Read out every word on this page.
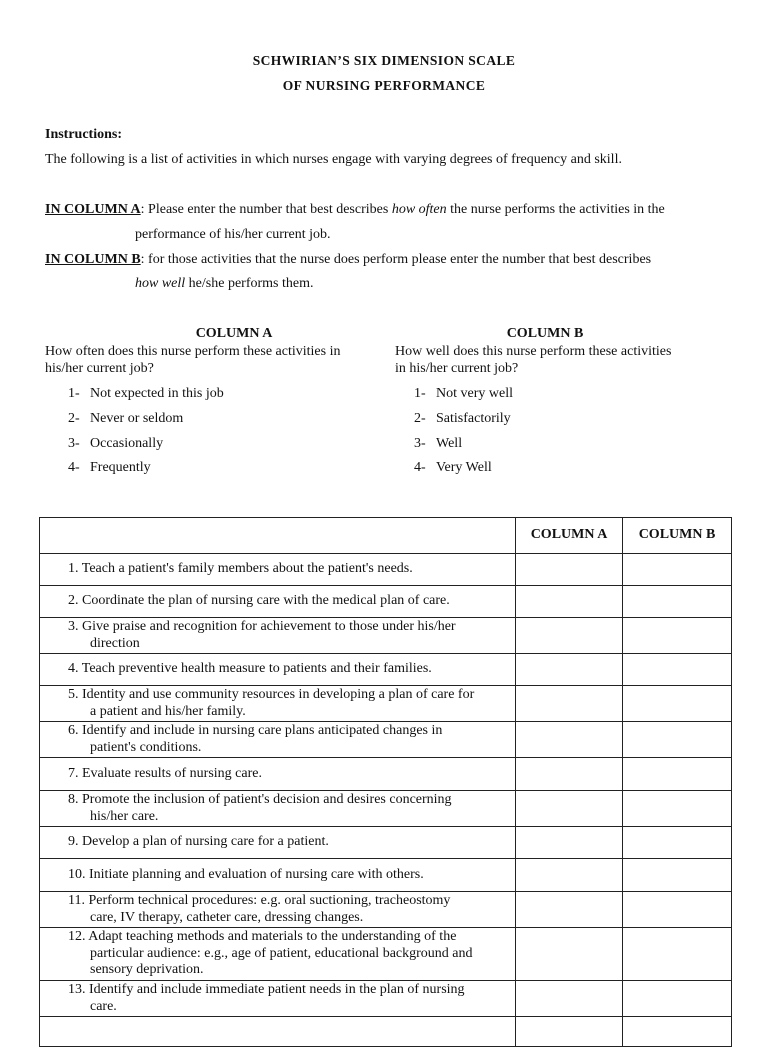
SCHWIRIAN’S SIX DIMENSION SCALE
OF NURSING PERFORMANCE
Instructions:
The following is a list of activities in which nurses engage with varying degrees of frequency and skill.
IN COLUMN A: Please enter the number that best describes how often the nurse performs the activities in the
performance of his/her current job.
IN COLUMN B: for those activities that the nurse does perform please enter the number that best describes
how well he/she performs them.
COLUMN A
How often does this nurse perform these activities in
his/her current job?
1- Not expected in this job
2- Never or seldom
3- Occasionally
4- Frequently
COLUMN B
How well does this nurse perform these activities
in his/her current job?
1- Not very well
2- Satisfactorily
3- Well
4- Very Well
	COLUMN A	COLUMN B
1. Teach a patient's family members about the patient's needs.		
2. Coordinate the plan of nursing care with the medical plan of care.		
3. Give praise and recognition for achievement to those under his/her
direction		
4. Teach preventive health measure to patients and their families.		
5. Identity and use community resources in developing a plan of care for
a patient and his/her family.		
6. Identify and include in nursing care plans anticipated changes in
patient's conditions.		
7. Evaluate results of nursing care.		
8. Promote the inclusion of patient's decision and desires concerning
his/her care.		
9. Develop a plan of nursing care for a patient.		
10. Initiate planning and evaluation of nursing care with others.		
11. Perform technical procedures: e.g. oral suctioning, tracheostomy
care, IV therapy, catheter care, dressing changes.		
12. Adapt teaching methods and materials to the understanding of the
particular audience: e.g., age of patient, educational background and
sensory deprivation.		
13. Identify and include immediate patient needs in the plan of nursing
care.		
